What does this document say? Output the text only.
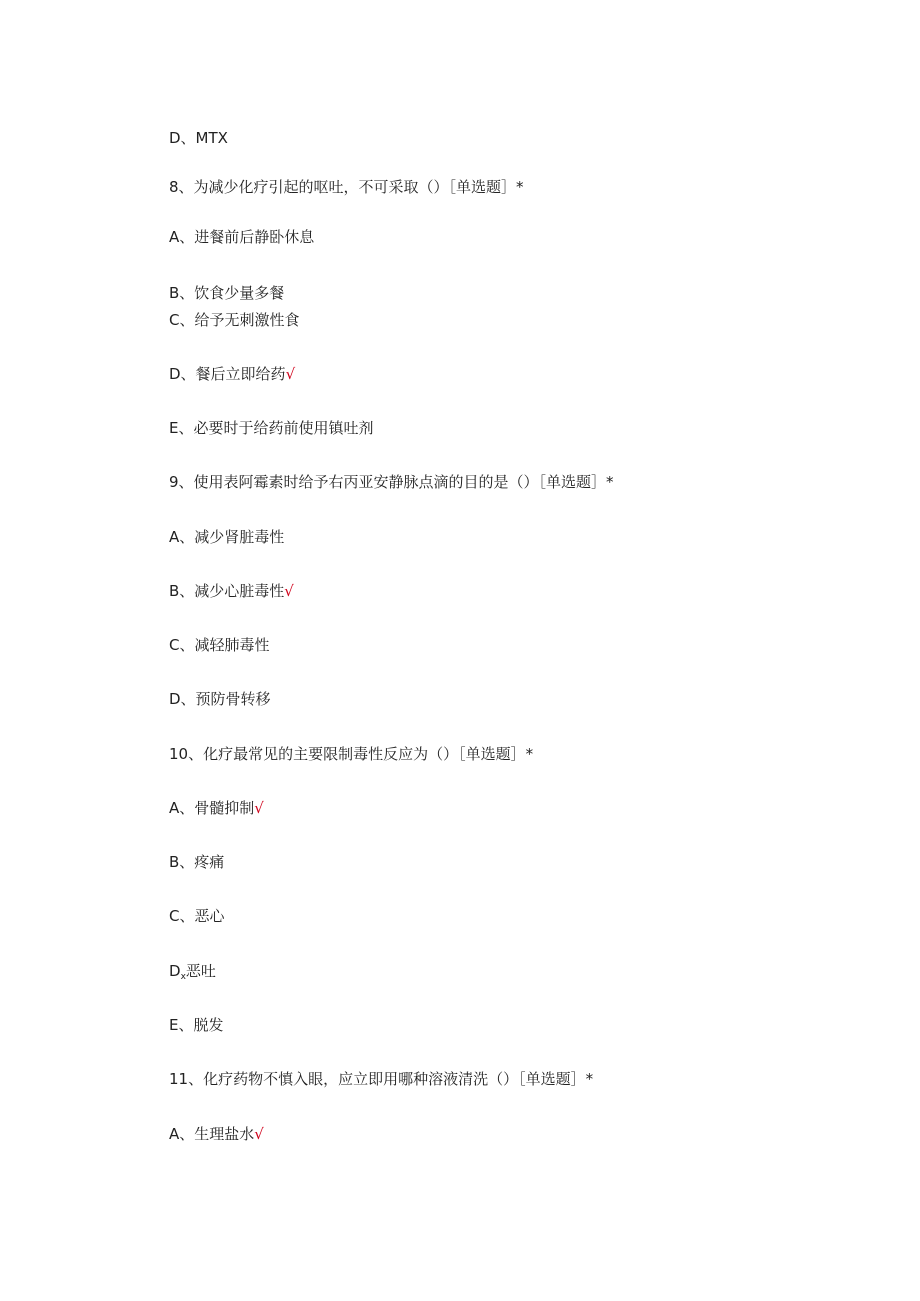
D、MTX

8、为减少化疗引起的呕吐，不可采取（）［单选题］*

A、进餐前后静卧休息

B、饮食少量多餐

C、给予无刺激性食

D、餐后立即给药√

E、必要时于给药前使用镇吐剂

9、使用表阿霉素时给予右丙亚安静脉点滴的目的是（）［单选题］*

A、减少肾脏毒性

B、减少心脏毒性√

C、减轻肺毒性

D、预防骨转移

10、化疗最常见的主要限制毒性反应为（）［单选题］*

A、骨髓抑制√

B、疼痛

C、恶心

$D_x$恶吐

E、脱发

11、化疗药物不慎入眼，应立即用哪种溶液清洗（）［单选题］*

A、生理盐水√
